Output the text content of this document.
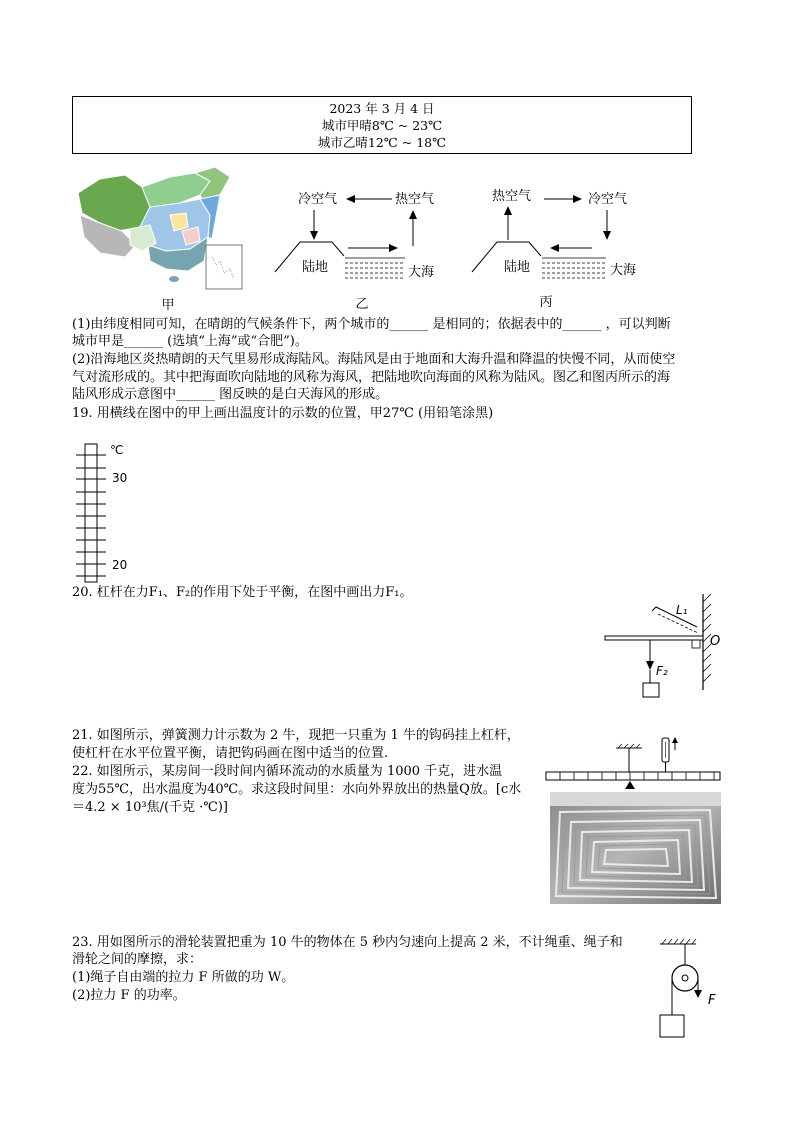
2023 年 3 月 4 日
城市甲晴8℃ ~ 23℃
城市乙晴12℃ ~ 18℃
甲
冷空气	热空气
陆地	大海
乙
热空气	冷空气
陆地	大海
丙
(1)由纬度相同可知，在晴朗的气候条件下，两个城市的______ 是相同的；依据表中的______ ，可以判断
城市甲是______ (选填“上海”或“合肥”)。
(2)沿海地区炎热晴朗的天气里易形成海陆风。海陆风是由于地面和大海升温和降温的快慢不同，从而使空
气对流形成的。其中把海面吹向陆地的风称为海风，把陆地吹向海面的风称为陆风。图乙和图丙所示的海
陆风形成示意图中______ 图反映的是白天海风的形成。
19. 用横线在图中的甲上画出温度计的示数的位置，甲27℃ (用铅笔涂黑)
℃
30
20
20. 杠杆在力F₁、F₂的作用下处于平衡，在图中画出力F₁。
L₁
O
F₂
21. 如图所示，弹簧测力计示数为 2 牛，现把一只重为 1 牛的钩码挂上杠杆，
使杠杆在水平位置平衡，请把钩码画在图中适当的位置.
22. 如图所示，某房间一段时间内循环流动的水质量为 1000 千克，进水温
度为55℃，出水温度为40℃。求这段时间里：水向外界放出的热量Q放。[c水
＝4.2 × 10³焦/(千克 ·℃)]
23. 用如图所示的滑轮装置把重为 10 牛的物体在 5 秒内匀速向上提高 2 米，不计绳重、绳子和
滑轮之间的摩擦，求：
(1)绳子自由端的拉力 F 所做的功 W。
(2)拉力 F 的功率。	F
